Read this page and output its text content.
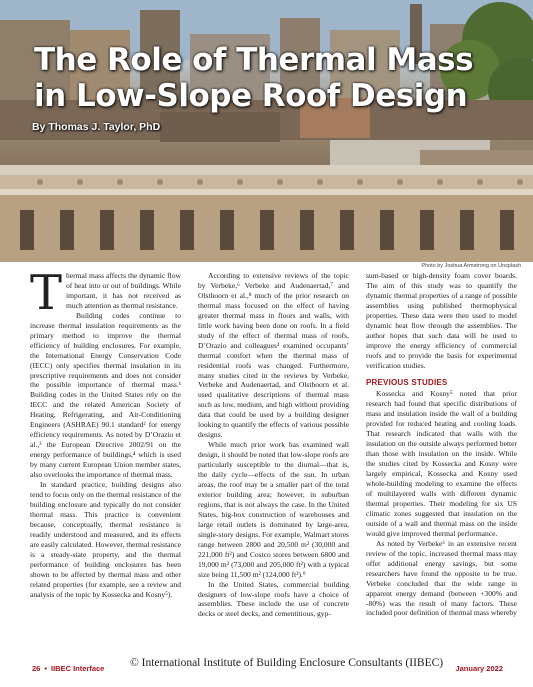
The Role of Thermal Mass
in Low-Slope Roof Design

By Thomas J. Taylor, PhD

Photo by Joshua Armstrong on Unsplash

Thermal mass affects the dynamic flow of heat into or out of buildings. While important, it has not received as much attention as thermal resistance.

Building codes continue to increase thermal insulation requirements as the primary method to improve the thermal efficiency of building enclosures. For example, the International Energy Conservation Code (IECC) only specifies thermal insulation in its prescriptive requirements and does not consider the possible importance of thermal mass.¹ Building codes in the United States rely on the IECC and the related American Society of Heating, Refrigerating, and Air-Conditioning Engineers (ASHRAE) 90.1 standard² for energy efficiency requirements. As noted by D’Orazio et al.,³ the European Directive 2002/91 on the energy performance of buildings,⁴ which is used by many current European Union member states, also overlooks the importance of thermal mass.

In standard practice, building designs also tend to focus only on the thermal resistance of the building enclosure and typically do not consider thermal mass. This practice is convenient because, conceptually, thermal resistance is readily understood and measured, and its effects are easily calculated. However, thermal resistance is a steady-state property, and the thermal performance of building enclosures has been shown to be affected by thermal mass and other related properties (for example, see a review and analysis of the topic by Kossecka and Kosny⁵).

According to extensive reviews of the topic by Verbeke,⁶ Verbeke and Audenaertad,⁷ and Olsthoorn et al.,⁸ much of the prior research on thermal mass focused on the effect of having greater thermal mass in floors and walls, with little work having been done on roofs. In a field study of the effect of thermal mass of roofs, D’Orazio and colleagues³ examined occupants’ thermal comfort when the thermal mass of residential roofs was changed. Furthermore, many studies cited in the reviews by Verbeke, Verbeke and Audenaertad, and Olsthoorn et al. used qualitative descriptions of thermal mass such as low, medium, and high without providing data that could be used by a building designer looking to quantify the effects of various possible designs.

While much prior work has examined wall design, it should be noted that low-slope roofs are particularly susceptible to the diurnal—that is, the daily cycle—effects of the sun. In urban areas, the roof may be a smaller part of the total exterior building area; however, in suburban regions, that is not always the case. In the United States, big-box construction of warehouses and large retail outlets is dominated by large-area, single-story designs. For example, Walmart stores range between 2800 and 20,500 m² (30,000 and 221,000 ft²) and Costco stores between 6800 and 19,000 m² (73,000 and 205,000 ft²) with a typical size being 11,500 m² (124,000 ft²).⁹

In the United States, commercial building designers of low-slope roofs have a choice of assemblies. These include the use of concrete decks or steel decks, and cementitious, gyp-

sum-based or high-density foam cover boards. The aim of this study was to quantify the dynamic thermal properties of a range of possible assemblies using published thermophysical properties. These data were then used to model dynamic heat flow through the assemblies. The author hopes that such data will be used to improve the energy efficiency of commercial roofs and to provide the basis for experimental verification studies.

PREVIOUS STUDIES

Kossecka and Kosny⁵ noted that prior research had found that specific distributions of mass and insulation inside the wall of a building provided for reduced heating and cooling loads. That research indicated that walls with the insulation on the outside always performed better than those with insulation on the inside. While the studies cited by Kossecka and Kosny were largely empirical, Kossecka and Kosny used whole-building modeling to examine the effects of multilayered walls with different dynamic thermal properties. Their modeling for six US climatic zones suggested that insulation on the outside of a wall and thermal mass on the inside would give improved thermal performance.

As noted by Verbeke⁶ in an extensive recent review of the topic, increased thermal mass may offer additional energy savings, but some researchers have found the opposite to be true. Verbeke concluded that the wide range in apparent energy demand (between +300% and -80%) was the result of many factors. These included poor definition of thermal mass whereby

26 • IIBEC Interface © International Institute of Building Enclosure Consultants (IIBEC) January 2022
